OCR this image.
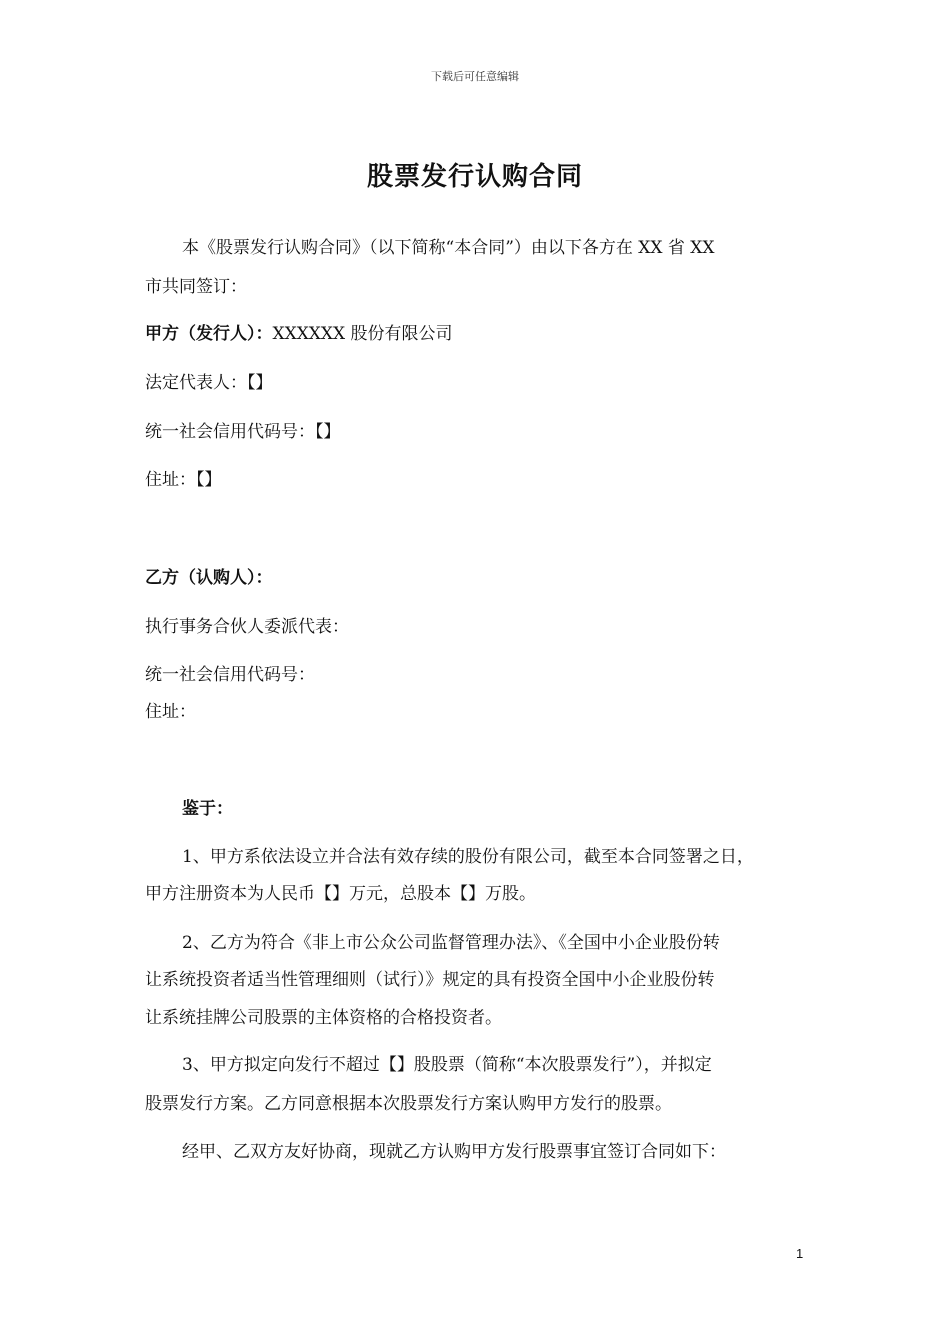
下载后可任意编辑
股票发行认购合同
本《股票发行认购合同》（以下简称“本合同”）由以下各方在 XX 省 XX
市共同签订：
甲方（发行人）：XXXXXX 股份有限公司
法定代表人：【】
统一社会信用代码号：【】
住址：【】
乙方（认购人）：
执行事务合伙人委派代表：
统一社会信用代码号：
住址：
鉴于：
1、甲方系依法设立并合法有效存续的股份有限公司，截至本合同签署之日，
甲方注册资本为人民币【】万元，总股本【】万股。
2、乙方为符合《非上市公众公司监督管理办法》、《全国中小企业股份转
让系统投资者适当性管理细则（试行）》规定的具有投资全国中小企业股份转
让系统挂牌公司股票的主体资格的合格投资者。
3、甲方拟定向发行不超过【】股股票（简称“本次股票发行”），并拟定
股票发行方案。乙方同意根据本次股票发行方案认购甲方发行的股票。
经甲、乙双方友好协商，现就乙方认购甲方发行股票事宜签订合同如下：
1
